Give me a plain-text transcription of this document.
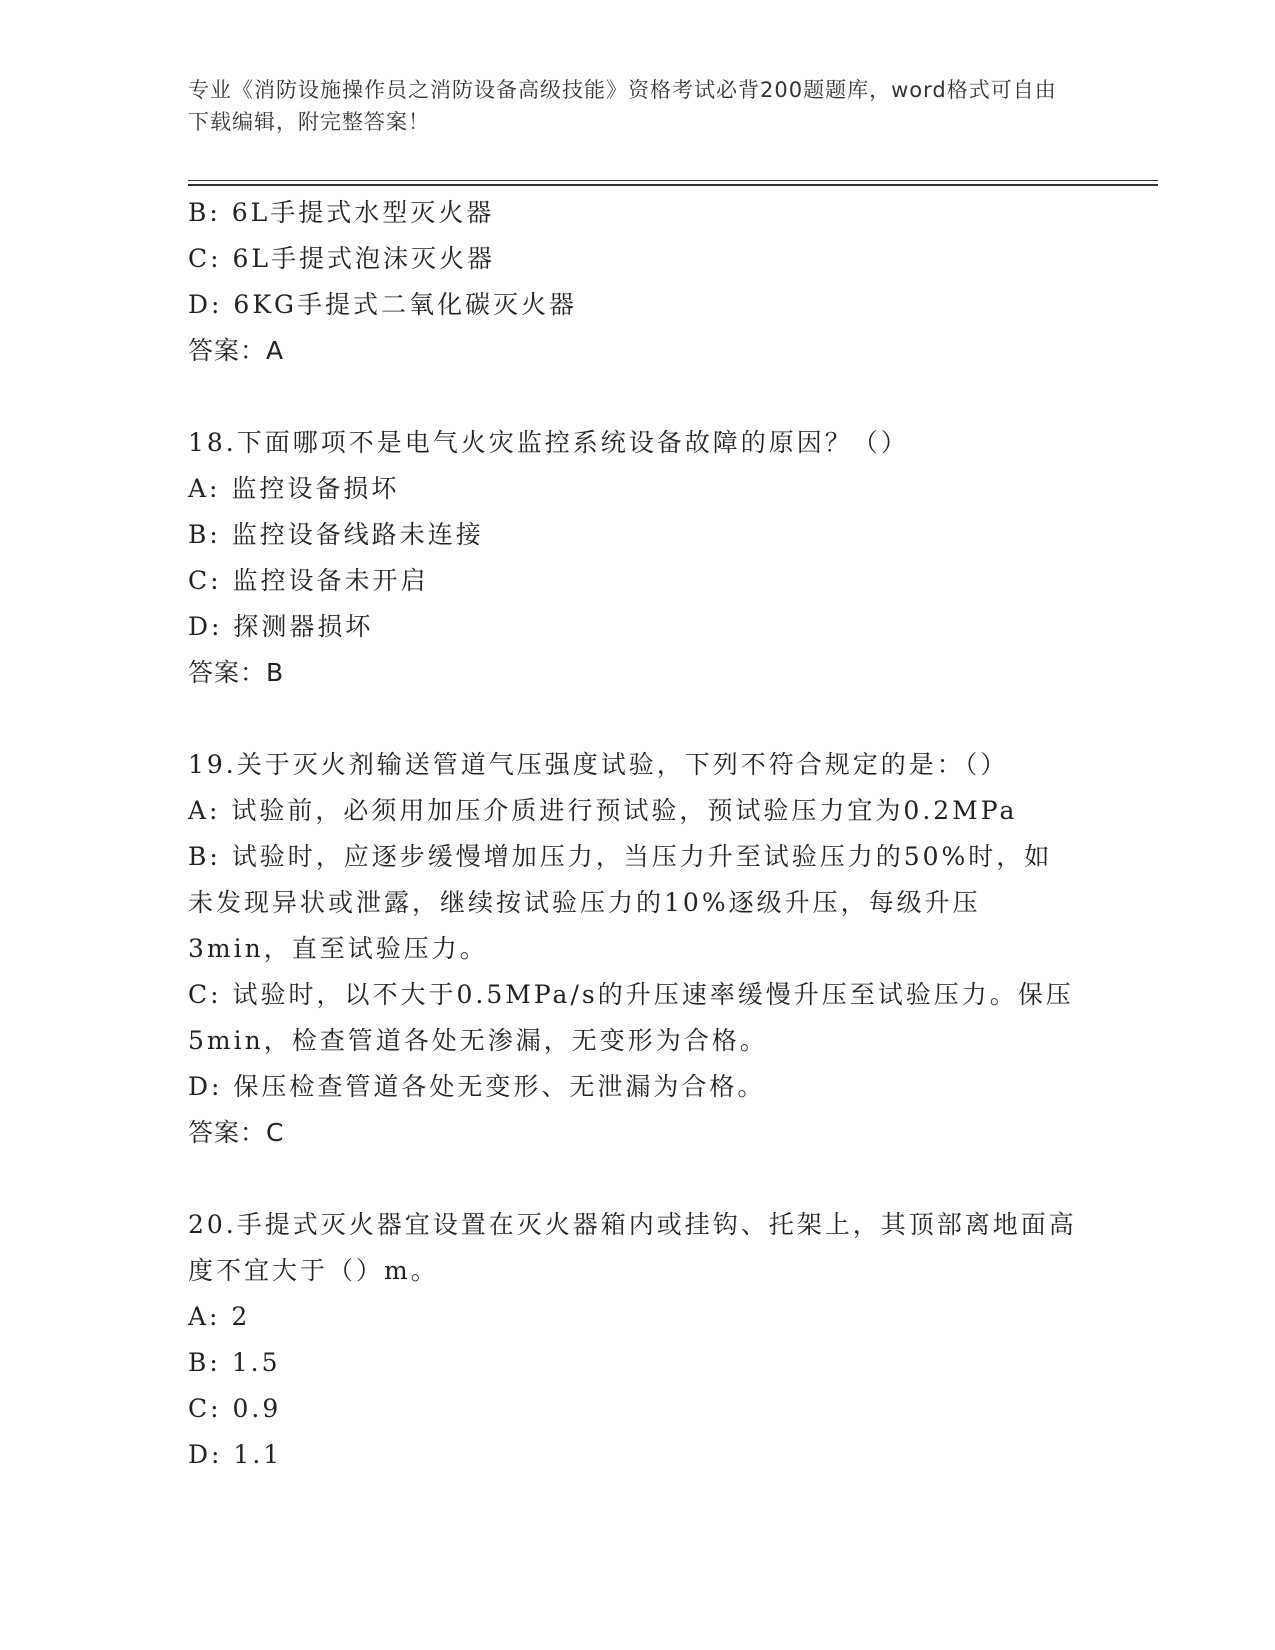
专业《消防设施操作员之消防设备高级技能》资格考试必背200题题库，word格式可自由下载编辑，附完整答案！
B: 6L手提式水型灭火器
C: 6L手提式泡沫灭火器
D: 6KG手提式二氧化碳灭火器
答案：A
18.下面哪项不是电气火灾监控系统设备故障的原因？（）
A: 监控设备损坏
B: 监控设备线路未连接
C: 监控设备未开启
D: 探测器损坏
答案：B
19.关于灭火剂输送管道气压强度试验，下列不符合规定的是：（）
A: 试验前，必须用加压介质进行预试验，预试验压力宜为0.2MPa
B: 试验时，应逐步缓慢增加压力，当压力升至试验压力的50%时，如未发现异状或泄露，继续按试验压力的10%逐级升压，每级升压3min，直至试验压力。
C: 试验时，以不大于0.5MPa/s的升压速率缓慢升压至试验压力。保压5min，检查管道各处无渗漏，无变形为合格。
D: 保压检查管道各处无变形、无泄漏为合格。
答案：C
20.手提式灭火器宜设置在灭火器箱内或挂钩、托架上，其顶部离地面高度不宜大于（）m。
A: 2
B: 1.5
C: 0.9
D: 1.1
